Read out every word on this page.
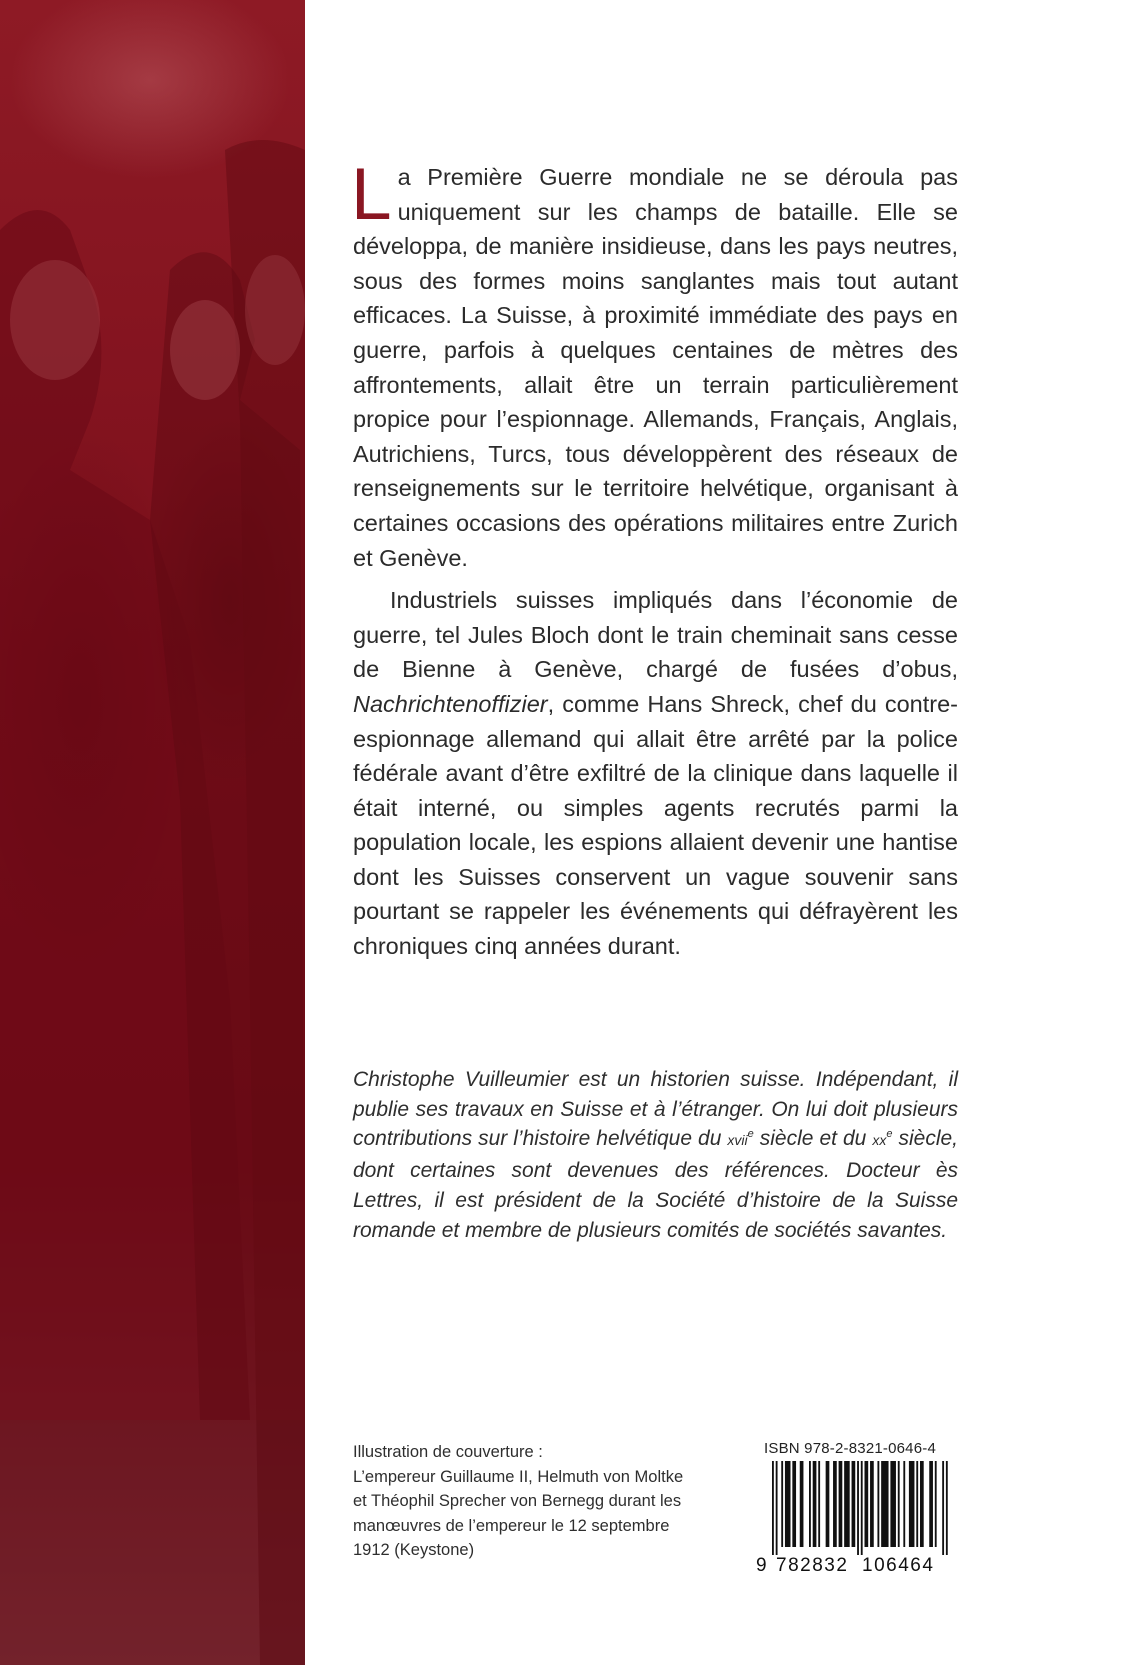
La Première Guerre mondiale ne se déroula pas uniquement sur les champs de bataille. Elle se développa, de manière insidieuse, dans les pays neutres, sous des formes moins sanglantes mais tout autant efficaces. La Suisse, à proximité immédiate des pays en guerre, parfois à quelques centaines de mètres des affrontements, allait être un terrain particulièrement propice pour l’espionnage. Allemands, Français, Anglais, Autrichiens, Turcs, tous développèrent des réseaux de renseignements sur le territoire helvétique, organisant à certaines occasions des opérations militaires entre Zurich et Genève.

Industriels suisses impliqués dans l’économie de guerre, tel Jules Bloch dont le train cheminait sans cesse de Bienne à Genève, chargé de fusées d’obus, Nachrichtenoffizier, comme Hans Shreck, chef du contre-espionnage allemand qui allait être arrêté par la police fédérale avant d’être exfiltré de la clinique dans laquelle il était interné, ou simples agents recrutés parmi la population locale, les espions allaient devenir une hantise dont les Suisses conservent un vague souvenir sans pourtant se rappeler les événements qui défrayèrent les chroniques cinq années durant.

Christophe Vuilleumier est un historien suisse. Indépendant, il publie ses travaux en Suisse et à l’étranger. On lui doit plusieurs contributions sur l’histoire helvétique du xvii$^e$ siècle et du $xx^e$ siècle, dont certaines sont devenues des références. Docteur ès Lettres, il est président de la Société d’histoire de la Suisse romande et membre de plusieurs comités de sociétés savantes.

Illustration de couverture :
L’empereur Guillaume II, Helmuth von Moltke
et Théophil Sprecher von Bernegg durant les
manœuvres de l’empereur le 12 septembre
1912 (Keystone)
ISBN 978-2-8321-0646-4
9 782832 106464
